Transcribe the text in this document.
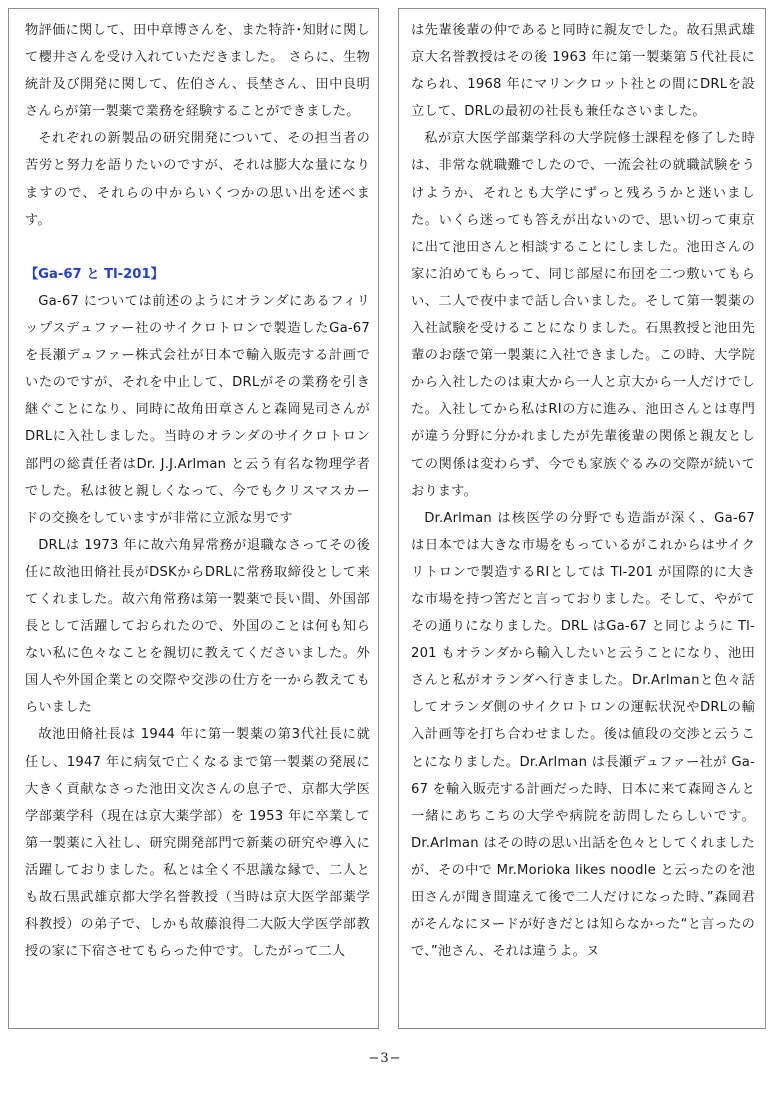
物評価に関して、田中章博さんを、また特許･知財に関して櫻井さんを受け入れていただきました。 さらに、生物統計及び開発に関して、佐伯さん、長埜さん、田中良明さんらが第一製薬で業務を経験することができました。

それぞれの新製品の研究開発について、その担当者の苦労と努力を語りたいのですが、それは膨大な量になりますので、それらの中からいくつかの思い出を述べます。

【Ga-67 と Tl-201】

Ga-67 については前述のようにオランダにあるフィリップスデュファー社のサイクロトロンで製造したGa-67 を長瀬デュファー株式会社が日本で輸入販売する計画でいたのですが、それを中止して、DRLがその業務を引き継ぐことになり、同時に故角田章さんと森岡晃司さんがDRLに入社しました。当時のオランダのサイクロトロン部門の総責任者はDr. J.J.Arlman と云う有名な物理学者でした。私は彼と親しくなって、今でもクリスマスカードの交換をしていますが非常に立派な男です

DRLは 1973 年に故六角昇常務が退職なさってその後任に故池田脩社長がDSKからDRLに常務取締役として来てくれました。故六角常務は第一製薬で長い間、外国部長として活躍しておられたので、外国のことは何も知らない私に色々なことを親切に教えてくださいました。外国人や外国企業との交際や交渉の仕方を一から教えてもらいました

故池田脩社長は 1944 年に第一製薬の第3代社長に就任し、1947 年に病気で亡くなるまで第一製薬の発展に大きく貢献なさった池田文次さんの息子で、京都大学医学部薬学科（現在は京大薬学部）を 1953 年に卒業して第一製薬に入社し、研究開発部門で新薬の研究や導入に活躍しておりました。私とは全く不思議な縁で、二人とも故石黒武雄京都大学名誉教授（当時は京大医学部薬学科教授）の弟子で、しかも故藤浪得二大阪大学医学部教授の家に下宿させてもらった仲です。したがって二人

は先輩後輩の仲であると同時に親友でした。故石黒武雄京大名誉教授はその後 1963 年に第一製薬第５代社長になられ、1968 年にマリンクロット社との間にDRLを設立して、DRLの最初の社長も兼任なさいました。

私が京大医学部薬学科の大学院修士課程を修了した時は、非常な就職難でしたので、一流会社の就職試験をうけようか、それとも大学にずっと残ろうかと迷いました。いくら迷っても答えが出ないので、思い切って東京に出て池田さんと相談することにしました。池田さんの家に泊めてもらって、同じ部屋に布団を二つ敷いてもらい、二人で夜中まで話し合いました。そして第一製薬の入社試験を受けることになりました。石黒教授と池田先輩のお蔭で第一製薬に入社できました。この時、大学院から入社したのは東大から一人と京大から一人だけでした。入社してから私はRIの方に進み、池田さんとは専門が違う分野に分かれましたが先輩後輩の関係と親友としての関係は変わらず、今でも家族ぐるみの交際が続いております。

Dr.Arlman は核医学の分野でも造詣が深く、Ga-67 は日本では大きな市場をもっているがこれからはサイクリトロンで製造するRIとしては Tl-201 が国際的に大きな市場を持つ筈だと言っておりました。そして、やがてその通りになりました。DRL はGa-67 と同じように Tl-201 もオランダから輸入したいと云うことになり、池田さんと私がオランダへ行きました。Dr.Arlmanと色々話してオランダ側のサイクロトロンの運転状況やDRLの輸入計画等を打ち合わせました。後は値段の交渉と云うことになりました。Dr.Arlman は長瀬デュファー社が Ga-67 を輸入販売する計画だった時、日本に来て森岡さんと一緒にあちこちの大学や病院を訪問したらしいです。Dr.Arlman はその時の思い出話を色々としてくれましたが、その中で Mr.Morioka likes noodle と云ったのを池田さんが聞き間違えて後で二人だけになった時、”森岡君がそんなにヌードが好きだとは知らなかった“と言ったので、”池さん、それは違うよ。ヌ

−3−
